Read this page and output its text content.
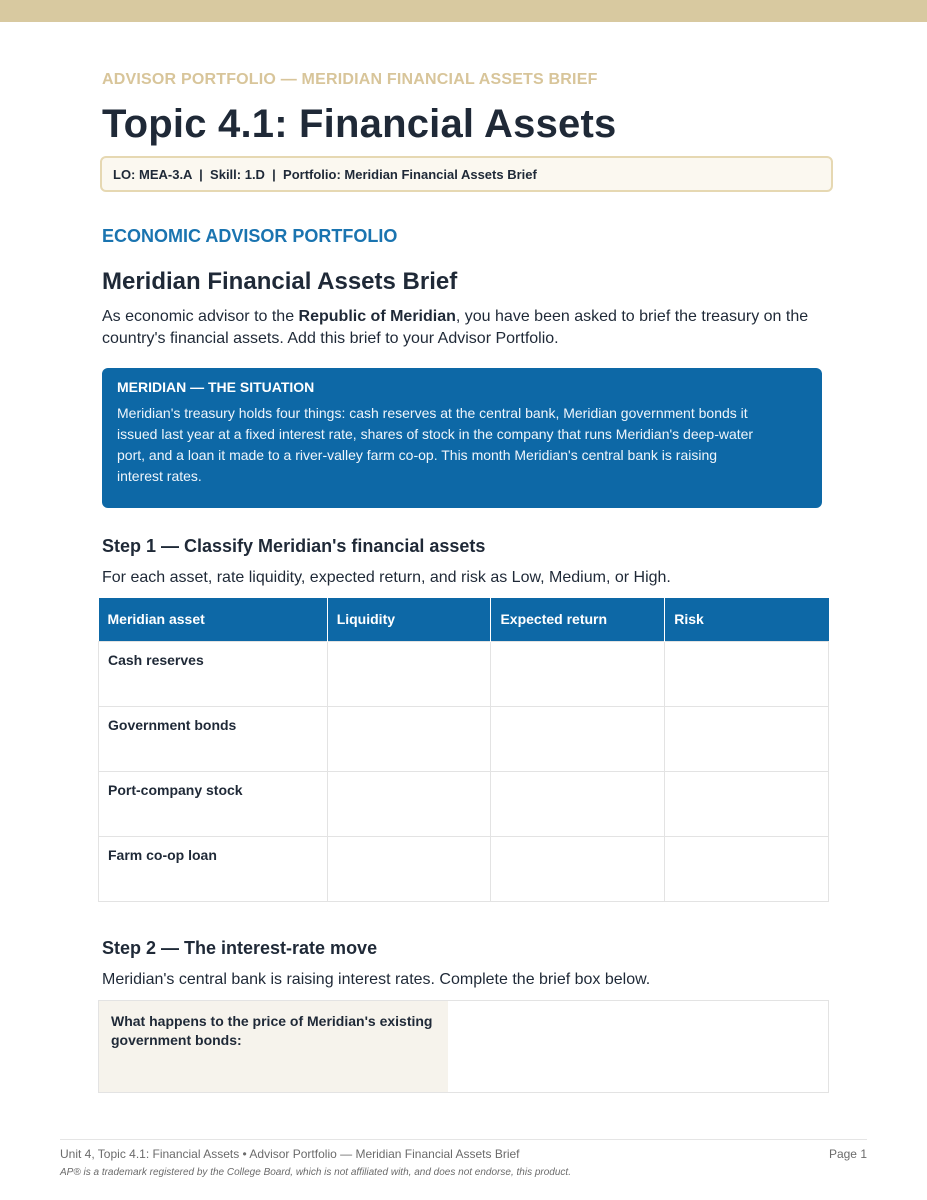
ADVISOR PORTFOLIO — MERIDIAN FINANCIAL ASSETS BRIEF
Topic 4.1: Financial Assets
LO: MEA-3.A  |  Skill: 1.D  |  Portfolio: Meridian Financial Assets Brief
ECONOMIC ADVISOR PORTFOLIO
Meridian Financial Assets Brief

As economic advisor to the Republic of Meridian, you have been asked to brief the treasury on the country's financial assets. Add this brief to your Advisor Portfolio.

MERIDIAN — THE SITUATION
Meridian's treasury holds four things: cash reserves at the central bank, Meridian government bonds it issued last year at a fixed interest rate, shares of stock in the company that runs Meridian's deep-water port, and a loan it made to a river-valley farm co-op. This month Meridian's central bank is raising interest rates.
Step 1 — Classify Meridian's financial assets
For each asset, rate liquidity, expected return, and risk as Low, Medium, or High.
Meridian asset	Liquidity	Expected return	Risk
Cash reserves			
Government bonds			
Port-company stock			
Farm co-op loan			
Step 2 — The interest-rate move
Meridian's central bank is raising interest rates. Complete the brief box below.
What happens to the price of Meridian's existing government bonds:
Unit 4, Topic 4.1: Financial Assets • Advisor Portfolio — Meridian Financial Assets Brief	Page 1
AP® is a trademark registered by the College Board, which is not affiliated with, and does not endorse, this product.
